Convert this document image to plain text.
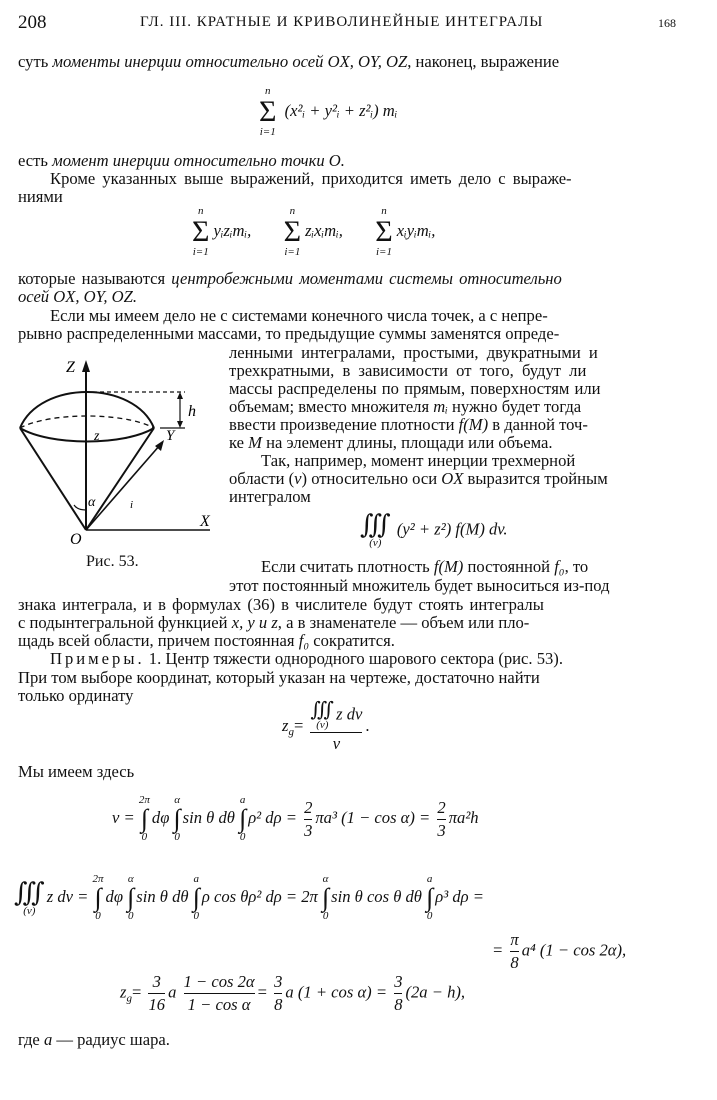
208	ГЛ. III. КРАТНЫЕ И КРИВОЛИНЕЙНЫЕ ИНТЕГРАЛЫ	168
суть моменты инерции относительно осей OX, OY, OZ, наконец, выражение
n
Σ
i=1
(x²ᵢ + y²ᵢ + z²ᵢ) mᵢ
есть момент инерции относительно точки O.
Кроме указанных выше выражений, приходится иметь дело с выраже-
ниями
n
Σ
i=1
yᵢzᵢmᵢ,
n
Σ
i=1
zᵢxᵢmᵢ,
n
Σ
i=1
xᵢyᵢmᵢ,
которые называются центробежными моментами системы относительно
осей OX, OY, OZ.
Если мы имеем дело не с системами конечного числа точек, а с непре-
рывно распределенными массами, то предыдущие суммы заменятся опреде-
ленными интегралами, простыми, двукратными и
трехкратными, в зависимости от того, будут ли
массы распределены по прямым, поверхностям или
объемам; вместо множителя mᵢ нужно будет тогда
ввести произведение плотности f(M) в данной точ-
ке M на элемент длины, площади или объема.
Так, например, момент инерции трехмерной
области (v) относительно оси OX выразится тройным
интегралом
∭
(v)
(y² + z²) f(M) dv.
Z
Y
X
O
h
z
α	i
Рис. 53.	Если считать плотность f(M) постоянной f₀, то
этот постоянный множитель будет выноситься из-под
знака интеграла, и в формулах (36) в числителе будут стоять интегралы
с подынтегральной функцией x, y и z, а в знаменателе — объем или пло-
щадь всей области, причем постоянная f₀ сократится.
Примеры. 1. Центр тяжести однородного шарового сектора (рис. 53).
При том выборе координат, который указан на чертеже, достаточно найти
только ординату
$z_g=$ ∭
(v)
z dv
v .
Мы имеем здесь
v =
2π
∫
0
dφ
α
∫
0
sin θ dθ
a
∫
0
ρ² $d\rho = \frac{2}{3} \pi a^3$ $(1 - \cos \alpha) = \frac{2}{3} \pi a^2h$
∭
(v)
z dv =
2π
∫
0
dφ
α
∫
0
sin θ dθ
a
∫
0
ρ cos θρ² dρ = 2π
α
∫
0
sin θ cos θ dθ
a
∫
0
ρ³ dρ =
= $\frac{\pi}{8} a^4$ (1 − cos 2α),
$z_g= \frac{3}{16}$ a $\frac{1 - \cos 2\alpha}{\text{1 − cos α}} = \frac{3}{8}$ a $(1 + \cos \alpha) = \frac{3}{8} (2a - h)$,
где a — радиус шара.
